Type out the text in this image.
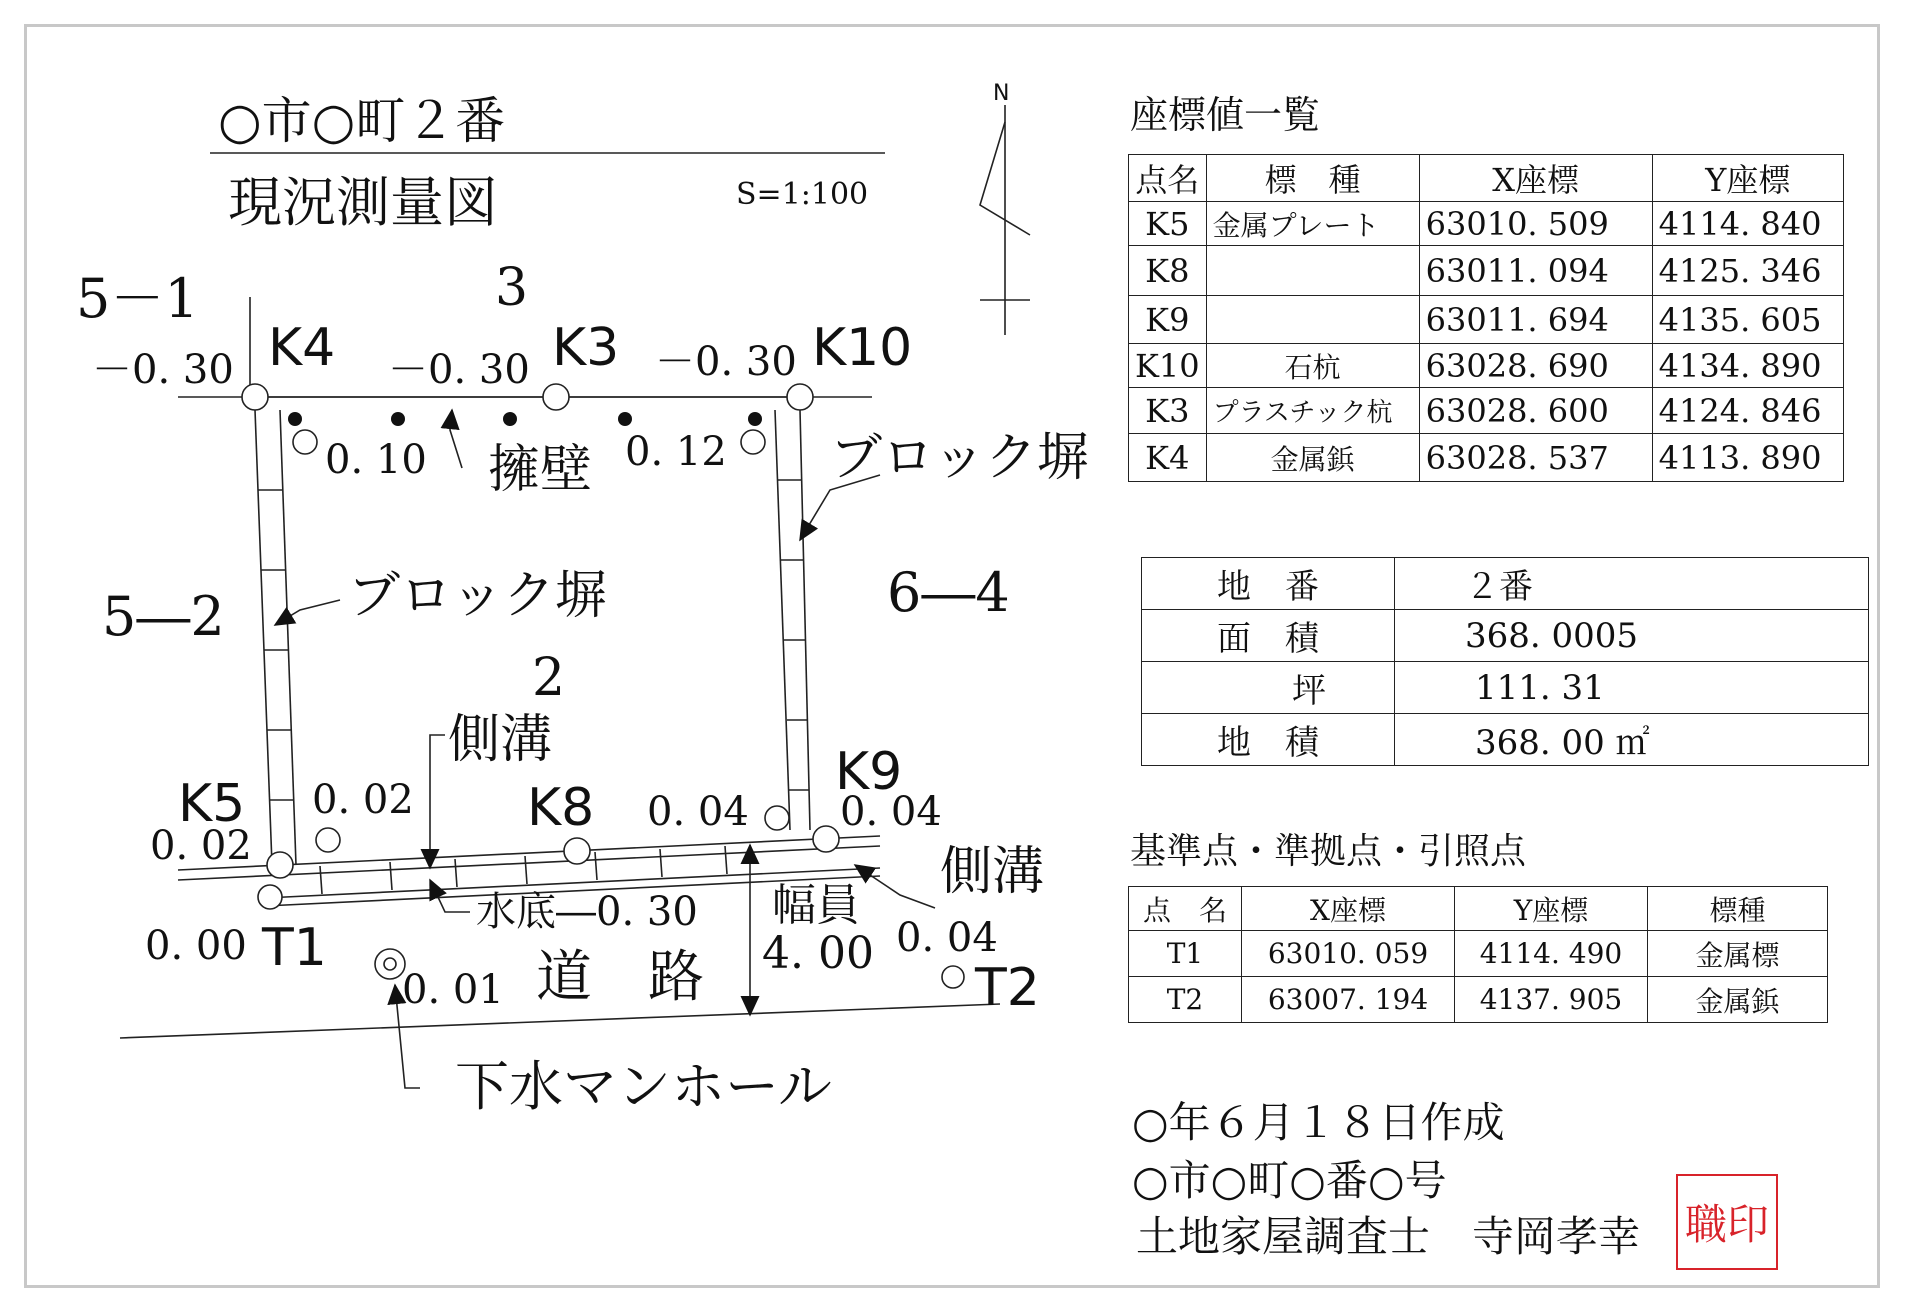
○市○町２番
現況測量図	S=1:100
N
5－1	3
5―2	6―4
2
K4	K3	K10
K5	K8
K9
T1
T2
－0. 30	－0. 30	－0. 30
0. 10	0. 12
0. 02
0. 02
0. 04 0. 04
0. 00
0. 01
0. 04
擁壁	ブロック塀
ブロック塀
側溝
側溝
水底―0. 30 幅員
4. 00
道　路
下水マンホール
座標値一覧
点名	標　種	X座標	Y座標
K5	金属プレート	63010. 509	4114. 840
K8		63011. 094	4125. 346
K9		63011. 694	4135. 605
K10	石杭	63028. 690	4134. 890
K3	プラスチック杭	63028. 600	4124. 846
K4	金属鋲	63028. 537	4113. 890
地　番	２番
面　積	368. 0005
坪	111. 31
地　積	368. 00 ㎡
基準点・準拠点・引照点
点　名	X座標	Y座標	標種
T1	63010. 059	4114. 490	金属標
T2	63007. 194	4137. 905	金属鋲
○年６月１８日作成
○市○町○番○号
土地家屋調査士　寺岡孝幸 職印
